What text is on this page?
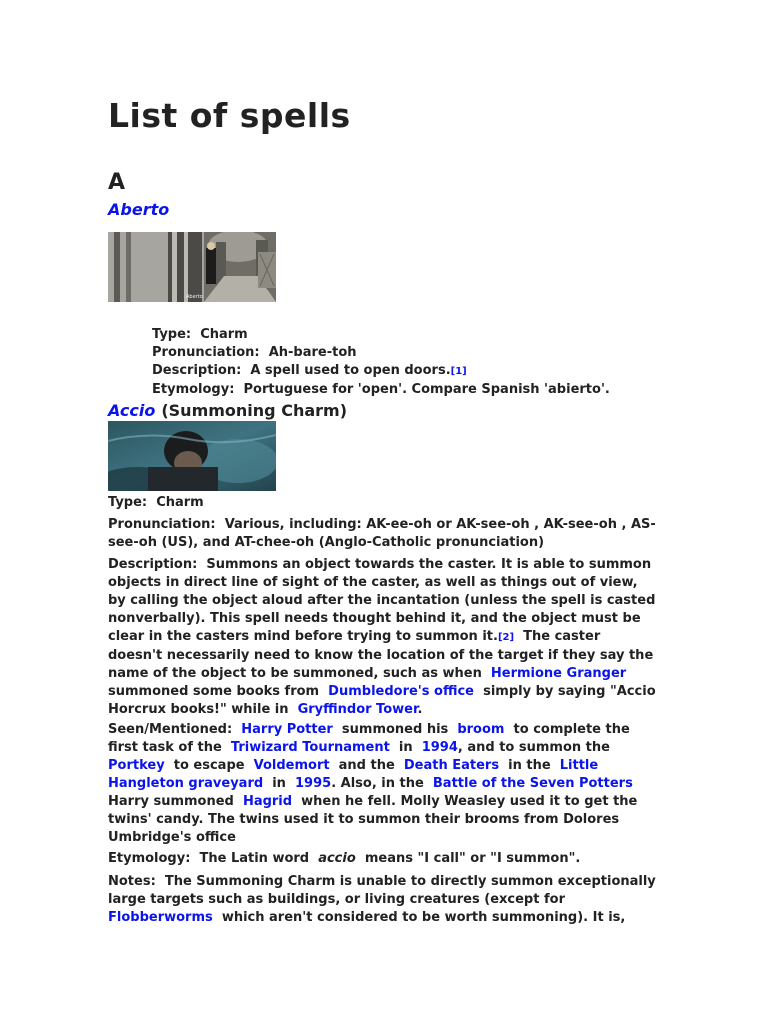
List of spells
A
Aberto
Aberto
Type: Charm
Pronunciation: Ah-bare-toh
Description: A spell used to open doors.[1]
Etymology: Portuguese for 'open'. Compare Spanish 'abierto'.
Accio (Summoning Charm)
Type: Charm
Pronunciation: Various, including: AK-ee-oh or AK-see-oh , AK-see-oh , AS-see-oh (US), and AT-chee-oh (Anglo-Catholic pronunciation)
Description: Summons an object towards the caster. It is able to summon objects in direct line of sight of the caster, as well as things out of view, by calling the object aloud after the incantation (unless the spell is casted nonverbally). This spell needs thought behind it, and the object must be clear in the casters mind before trying to summon it.[2] The caster doesn't necessarily need to know the location of the target if they say the name of the object to be summoned, such as when Hermione Granger  summoned some books from Dumbledore's office simply by saying "Accio Horcrux books!" while in Gryffindor Tower.
Seen/Mentioned: Harry Potter summoned his broom to complete the first task of the Triwizard Tournament in 1994, and to summon the  Portkey to escape Voldemort and the Death Eaters in the Little Hangleton graveyard in 1995. Also, in the Battle of the Seven Potters  Harry summoned Hagrid when he fell. Molly Weasley used it to get the twins' candy. The twins used it to summon their brooms from Dolores Umbridge's office
Etymology: The Latin word accio means "I call" or "I summon".
Notes: The Summoning Charm is unable to directly summon exceptionally large targets such as buildings, or living creatures (except for  Flobberworms which aren't considered to be worth summoning). It is,
